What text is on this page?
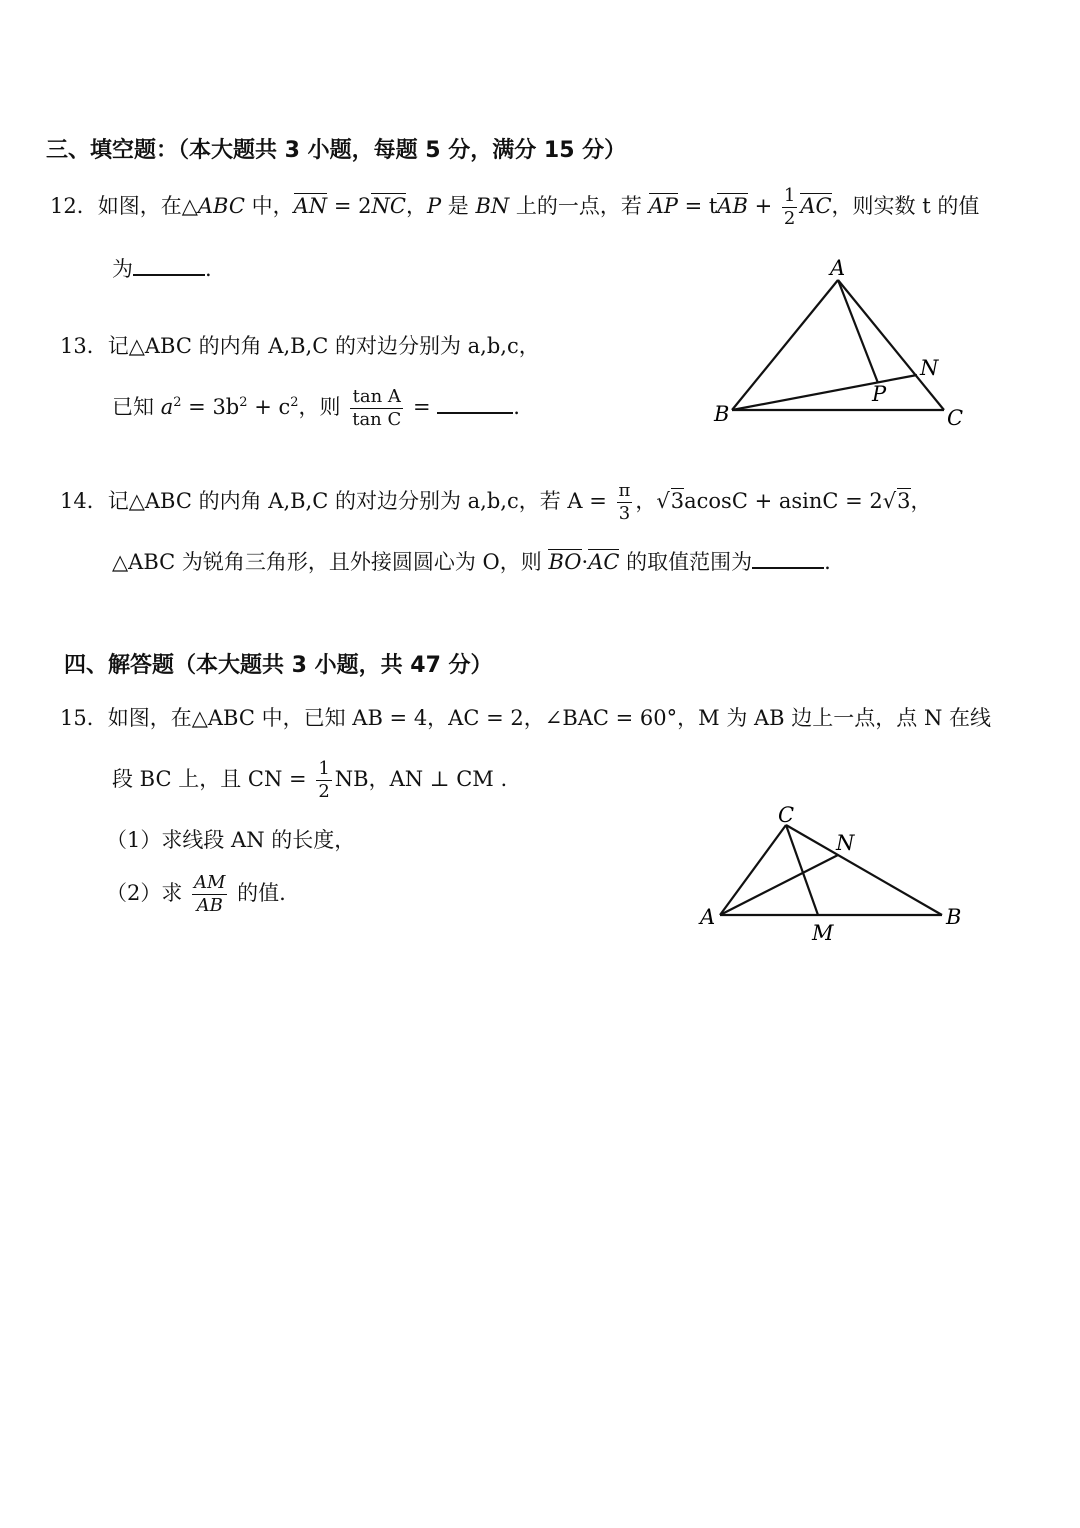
三、填空题：（本大题共 3 小题，每题 5 分，满分 15 分）
12．如图，在△ABC 中，AN = 2NC，P 是 BN 上的一点，若 AP = tAB + $\frac{1}{2}$ AC，则实数 t 的值
为	.
13．记△ABC 的内角 A,B,C 的对边分别为 a,b,c，
已知 $a^2 = 3b^2 + c^2$，则 $\frac{\text{tan A}}{\text{tan C}}$ =	.
14．记△ABC 的内角 A,B,C 的对边分别为 a,b,c，若 $A = \frac{\pi}{3}$ ，√3acosC + asinC = 2√3，
△ABC 为锐角三角形，且外接圆圆心为 O，则 BO·AC 的取值范围为	.
四、解答题（本大题共 3 小题，共 47 分）
15．如图，在△ABC 中，已知 AB = 4，AC = 2，∠BAC = 60°，M 为 AB 边上一点，点 N 在线
段 BC 上，且 CN = $\frac{1}{2}$ NB，AN ⊥ CM .
（1）求线段 AN 的长度，
（2）求 $\frac{AM}{AB}$ 的值.
A
B	C
N
P
C
A	B
M
N
